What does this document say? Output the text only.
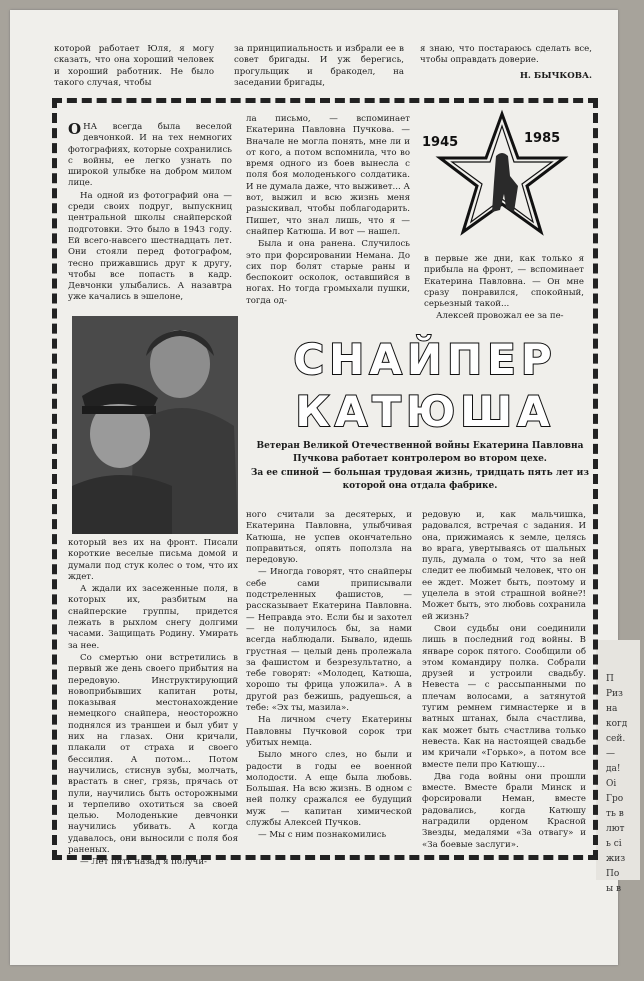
П
Риз
на
когд
сей.
—
да!
Оі
Гро
ть в
лют
ь сі
жиз
По
ы в
которой работает Юля, я могу сказать, что она хороший человек и хороший работник. Не было такого случая, чтобы
за принципиальность и избрали ее в совет бригады. И уж берегись, прогульщик и бракодел, на заседании бригады,
я знаю, что постараюсь сделать все, чтобы оправдать доверие.
Н. БЫЧКОВА.
1945	1985

ОНА всегда была веселой девчонкой. И на тех немногих фотографиях, которые сохранились с войны, ее легко узнать по широкой улыбке на добром милом лице.

На одной из фотографий она — среди своих подруг, выпускниц центральной школы снайперской подготовки. Это было в 1943 году. Ей всего-навсего шестнадцать лет. Они стояли перед фотографом, тесно прижавшись друг к другу, чтобы все попасть в кадр. Девчонки улыбались. А назавтра уже качались в эшелоне,

ла письмо, — вспоминает Екатерина Павловна Пучкова. — Вначале не могла понять, мне ли и от кого, а потом вспомнила, что во время одного из боев вынесла с поля боя молоденького солдатика. И не думала даже, что выживет... А вот, выжил и всю жизнь меня разыскивал, чтобы поблагодарить. Пишет, что знал лишь, что я — снайпер Катюша. И вот — нашел.

Была и она ранена. Случилось это при форсировании Немана. До сих пор болят старые раны и беспокоит осколок, оставшийся в ногах. Но тогда громыхали пушки, тогда од-

в первые же дни, как только я прибыла на фронт, — вспоминает Екатерина Павловна. — Он мне сразу понравился, спокойный, серьезный такой...

Алексей провожал ее за пе-

СНАЙПЕР
КАТЮША

Ветеран Великой Отечественной войны Екатерина Павловна Пучкова работает контролером во втором цехе.

За ее спиной — большая трудовая жизнь, тридцать пять лет из которой она отдала фабрике.

который вез их на фронт. Писали короткие веселые письма домой и думали под стук колес о том, что их ждет.

А ждали их засеженные поля, в которых их, разбитым на снайперские группы, придется лежать в рыхлом снегу долгими часами. Защищать Родину. Умирать за нее.

Со смертью они встретились в первый же день своего прибытия на передовую. Инструктирующий новоприбывших капитан роты, показывая местонахождение немецкого снайпера, неосторожно поднялся из траншеи и был убит у них на глазах. Они кричали, плакали от страха и своего бессилия. А потом... Потом научились, стиснув зубы, молчать, врастать в снег, грязь, прячась от пули, научились быть осторожными и терпеливо охотиться за своей целью. Молоденькие девчонки научились убивать. А когда удавалось, они выносили с поля боя раненых.

— Лет пять назад я получи-

ного считали за десятерых, и Екатерина Павловна, улыбчивая Катюша, не успев окончательно поправиться, опять поползла на передовую.

— Иногда говорят, что снайперы себе сами приписывали подстреленных фашистов, — рассказывает Екатерина Павловна. — Неправда это. Если бы и захотел — не получилось бы, за нами всегда наблюдали. Бывало, идешь грустная — целый день пролежала за фашистом и безрезультатно, а тебе говорят: «Молодец, Катюша, хорошо ты фрица уложила». А в другой раз бежишь, радуешься, а тебе: «Эх ты, мазила».

На личном счету Екатерины Павловны Пучковой сорок три убитых немца.

Было много слез, но были и радости в годы ее военной молодости. А еще была любовь. Большая. На всю жизнь. В одном с ней полку сражался ее будущий муж — капитан химической службы Алексей Пучков.

— Мы с ним познакомились

редовую и, как мальчишка, радовался, встречая с задания. И она, прижимаясь к земле, целясь во врага, увертываясь от шальных пуль, думала о том, что за ней следит ее любимый человек, что он ее ждет. Может быть, поэтому и уцелела в этой страшной войне?! Может быть, это любовь сохранила ей жизнь?

Свои судьбы они соединили лишь в последний год войны. В январе сорок пятого. Сообщили об этом командиру полка. Собрали друзей и устроили свадьбу. Невеста — с рассыпанными по плечам волосами, а затянутой тугим ремнем гимнастерке и в ватных штанах, была счастлива, как может быть счастлива только невеста. Как на настоящей свадьбе им кричали «Горько», а потом все вместе пели про Катюшу...

Два года войны они прошли вместе. Вместе брали Минск и форсировали Неман, вместе радовались, когда Катюшу наградили орденом Красной Звезды, медалями «За отвагу» и «За боевые заслуги».
